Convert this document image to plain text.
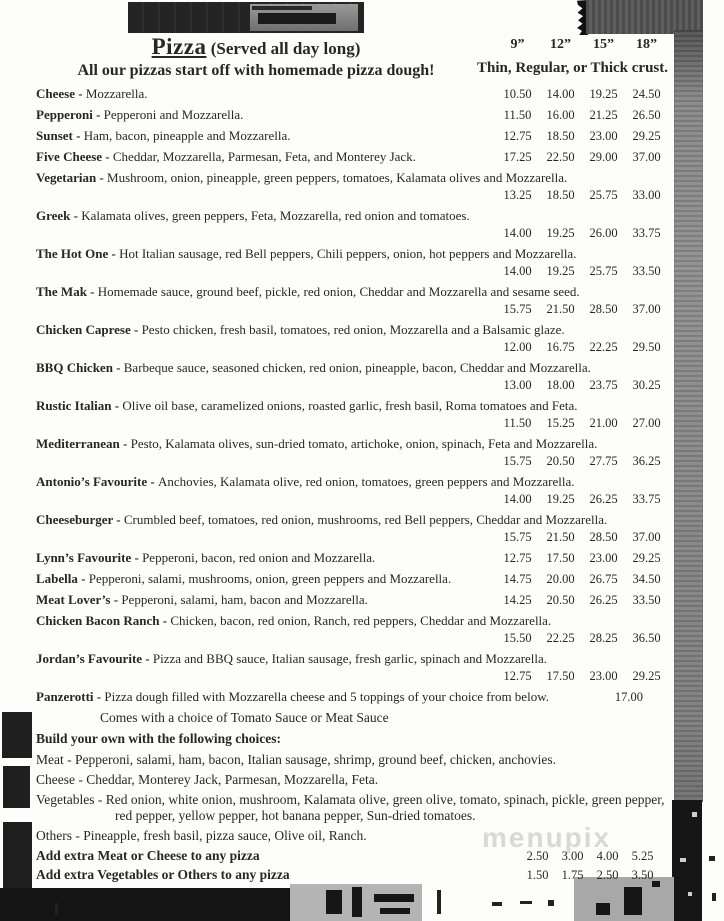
menupix
Pizza (Served all day long)
All our pizzas start off with homemade pizza dough!
9”	12”	15”	18”
Thin, Regular, or Thick crust.
Cheese - Mozzarella.	10.50	14.00	19.25	24.50
Pepperoni - Pepperoni and Mozzarella.	11.50	16.00	21.25	26.50
Sunset - Ham, bacon, pineapple and Mozzarella.	12.75	18.50	23.00	29.25
Five Cheese - Cheddar, Mozzarella, Parmesan, Feta, and Monterey Jack.	17.25	22.50	29.00	37.00
Vegetarian - Mushroom, onion, pineapple, green peppers, tomatoes, Kalamata olives and Mozzarella.
13.25	18.50	25.75	33.00
Greek - Kalamata olives, green peppers, Feta, Mozzarella, red onion and tomatoes.
14.00	19.25	26.00	33.75
The Hot One - Hot Italian sausage, red Bell peppers, Chili peppers, onion, hot peppers and Mozzarella.
14.00	19.25	25.75	33.50
The Mak - Homemade sauce, ground beef, pickle, red onion, Cheddar and Mozzarella and sesame seed.
15.75	21.50	28.50	37.00
Chicken Caprese - Pesto chicken, fresh basil, tomatoes, red onion, Mozzarella and a Balsamic glaze.
12.00	16.75	22.25	29.50
BBQ Chicken - Barbeque sauce, seasoned chicken, red onion, pineapple, bacon, Cheddar and Mozzarella.
13.00	18.00	23.75	30.25
Rustic Italian - Olive oil base, caramelized onions, roasted garlic, fresh basil, Roma tomatoes and Feta.
11.50	15.25	21.00	27.00
Mediterranean - Pesto, Kalamata olives, sun-dried tomato, artichoke, onion, spinach, Feta and Mozzarella.
15.75	20.50	27.75	36.25
Antonio’s Favourite - Anchovies, Kalamata olive, red onion, tomatoes, green peppers and Mozzarella.
14.00	19.25	26.25	33.75
Cheeseburger - Crumbled beef, tomatoes, red onion, mushrooms, red Bell peppers, Cheddar and Mozzarella.
15.75	21.50	28.50	37.00
Lynn’s Favourite - Pepperoni, bacon, red onion and Mozzarella.	12.75	17.50	23.00	29.25
Labella - Pepperoni, salami, mushrooms, onion, green peppers and Mozzarella.	14.75	20.00	26.75	34.50
Meat Lover’s - Pepperoni, salami, ham, bacon and Mozzarella.	14.25	20.50	26.25	33.50
Chicken Bacon Ranch - Chicken, bacon, red onion, Ranch, red peppers, Cheddar and Mozzarella.
15.50	22.25	28.25	36.50
Jordan’s Favourite - Pizza and BBQ sauce, Italian sausage, fresh garlic, spinach and Mozzarella.
12.75	17.50	23.00	29.25
Panzerotti - Pizza dough filled with Mozzarella cheese and 5 toppings of your choice from below.	17.00
Comes with a choice of Tomato Sauce or Meat Sauce
Build your own with the following choices:
Meat - Pepperoni, salami, ham, bacon, Italian sausage, shrimp, ground beef, chicken, anchovies.
Cheese - Cheddar, Monterey Jack, Parmesan, Mozzarella, Feta.
Vegetables - Red onion, white onion, mushroom, Kalamata olive, green olive, tomato, spinach, pickle, green pepper, red pepper, yellow pepper, hot banana pepper, Sun-dried tomatoes.
Others - Pineapple, fresh basil, pizza sauce, Olive oil, Ranch.
Add extra Meat or Cheese to any pizza	2.50	3.00	4.00	5.25
Add extra Vegetables or Others to any pizza	1.50	1.75	2.50	3.50
